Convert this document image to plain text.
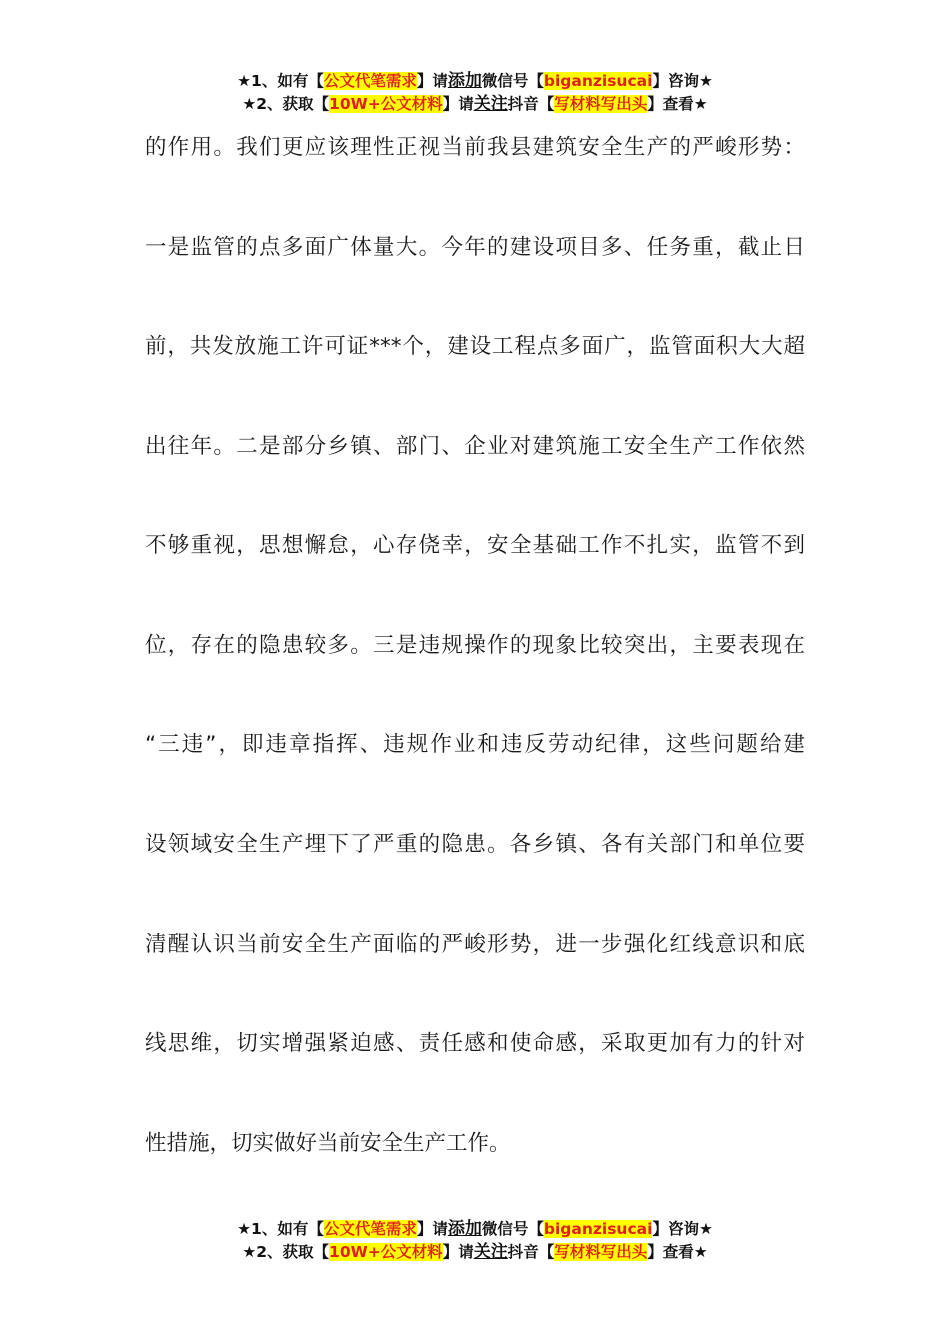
★1、如有【公文代笔需求】请添加微信号【biganzisucai】咨询★
★2、获取【10W+公文材料】请关注抖音【写材料写出头】查看★
的作用。我们更应该理性正视当前我县建筑安全生产的严峻形势：
一是监管的点多面广体量大。今年的建设项目多、任务重，截止日
前，共发放施工许可证***个，建设工程点多面广，监管面积大大超
出往年。二是部分乡镇、部门、企业对建筑施工安全生产工作依然
不够重视，思想懈怠，心存侥幸，安全基础工作不扎实，监管不到
位，存在的隐患较多。三是违规操作的现象比较突出，主要表现在
“三违”，即违章指挥、违规作业和违反劳动纪律，这些问题给建
设领域安全生产埋下了严重的隐患。各乡镇、各有关部门和单位要
清醒认识当前安全生产面临的严峻形势，进一步强化红线意识和底
线思维，切实增强紧迫感、责任感和使命感，采取更加有力的针对
性措施，切实做好当前安全生产工作。
★1、如有【公文代笔需求】请添加微信号【biganzisucai】咨询★
★2、获取【10W+公文材料】请关注抖音【写材料写出头】查看★
